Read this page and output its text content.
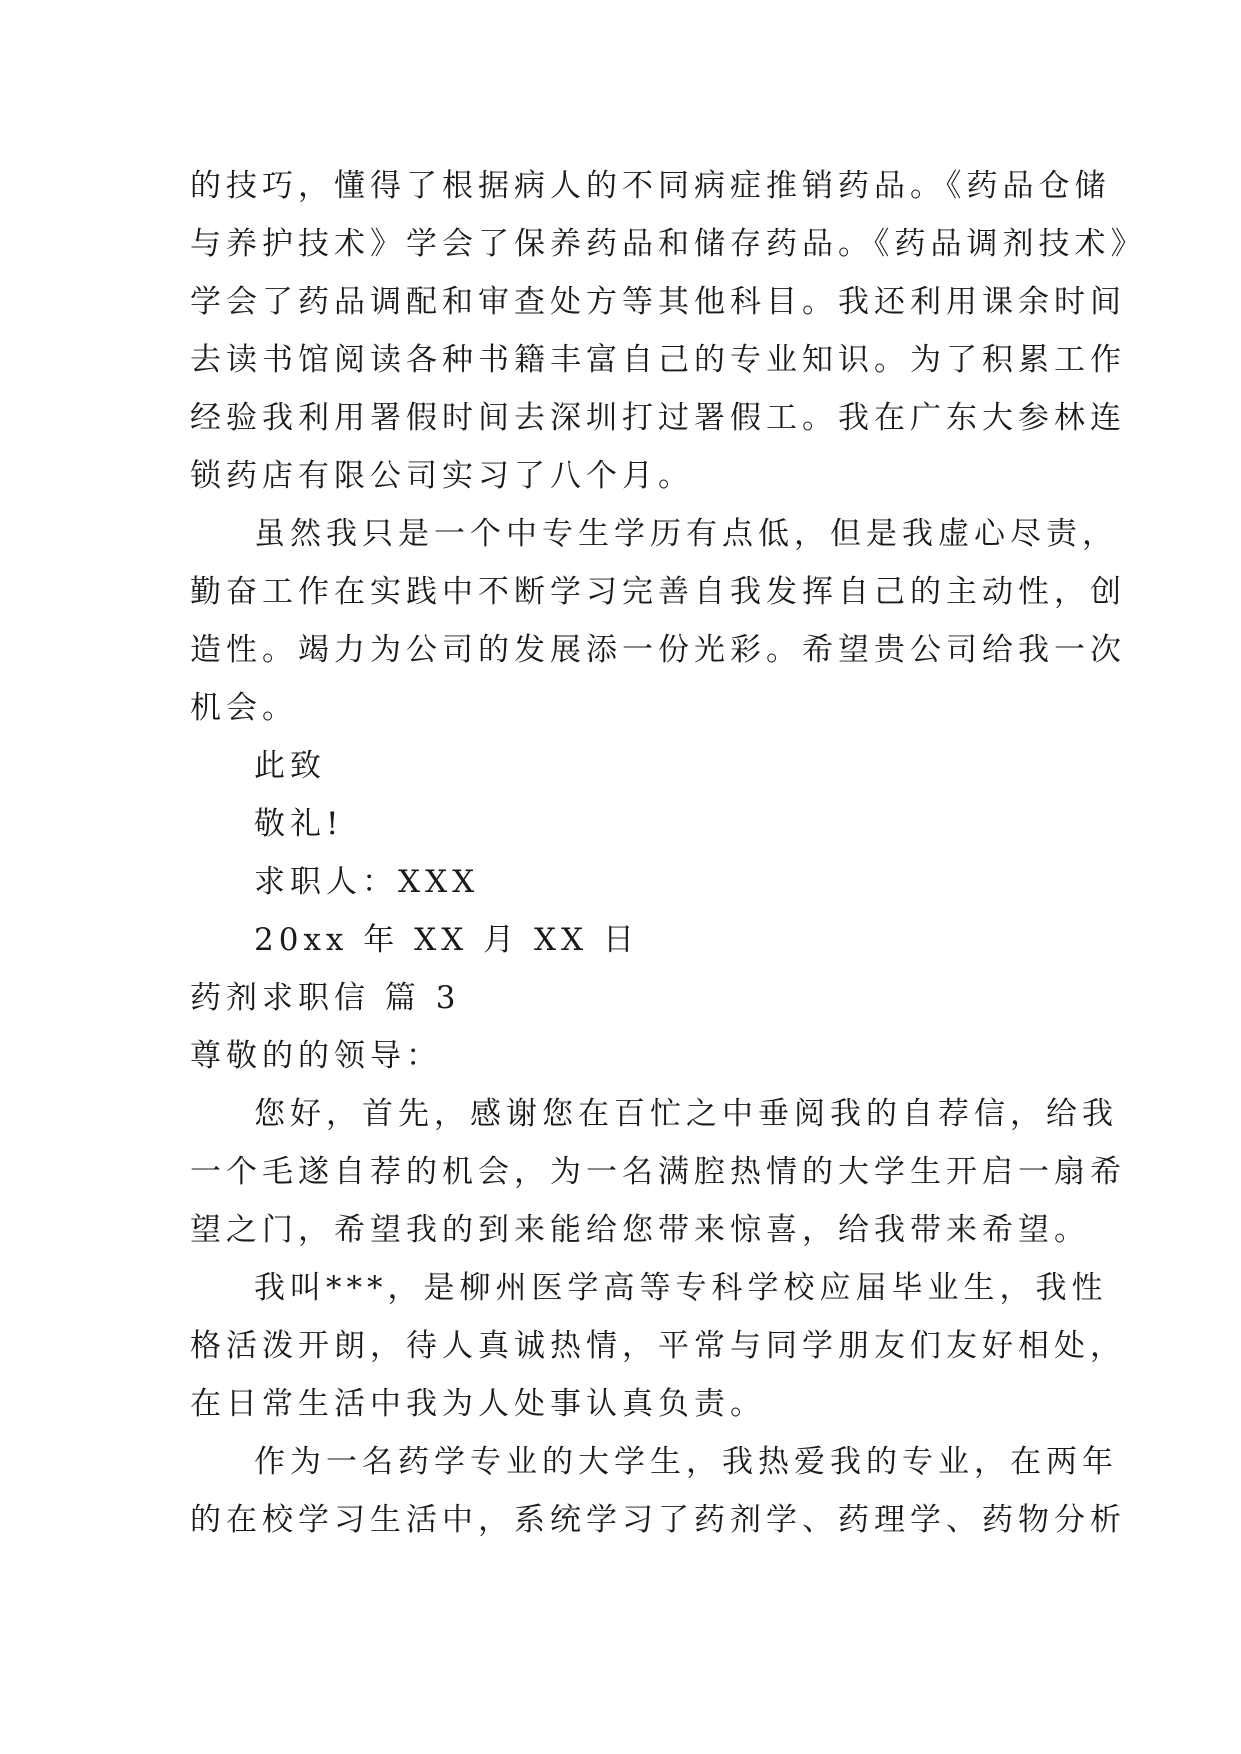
的技巧，懂得了根据病人的不同病症推销药品。《药品仓储
与养护技术》学会了保养药品和储存药品。《药品调剂技术》
学会了药品调配和审查处方等其他科目。我还利用课余时间
去读书馆阅读各种书籍丰富自己的专业知识。为了积累工作
经验我利用署假时间去深圳打过署假工。我在广东大参林连
锁药店有限公司实习了八个月。
虽然我只是一个中专生学历有点低，但是我虚心尽责，
勤奋工作在实践中不断学习完善自我发挥自己的主动性，创
造性。竭力为公司的发展添一份光彩。希望贵公司给我一次
机会。
此致
敬礼!
求职人：XXX
20xx 年 XX 月 XX 日
药剂求职信 篇 3
尊敬的的领导：
您好，首先，感谢您在百忙之中垂阅我的自荐信，给我
一个毛遂自荐的机会，为一名满腔热情的大学生开启一扇希
望之门，希望我的到来能给您带来惊喜，给我带来希望。
我叫***，是柳州医学高等专科学校应届毕业生，我性
格活泼开朗，待人真诚热情，平常与同学朋友们友好相处，
在日常生活中我为人处事认真负责。
作为一名药学专业的大学生，我热爱我的专业，在两年
的在校学习生活中，系统学习了药剂学、药理学、药物分析
